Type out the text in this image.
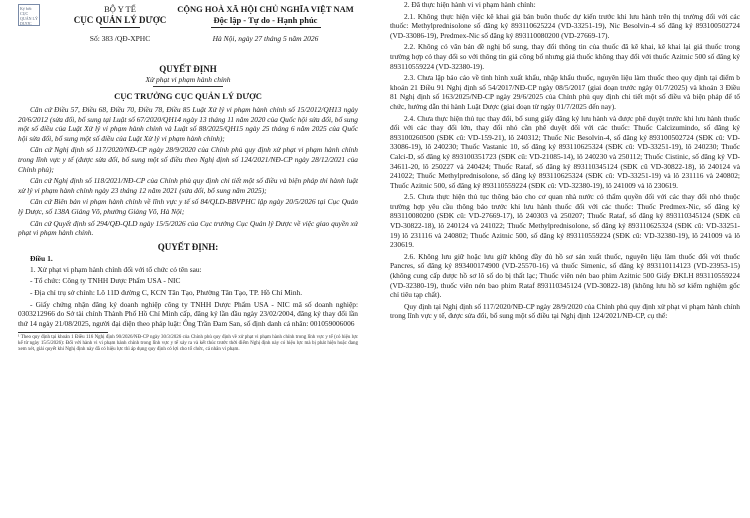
Ký bởi: CỤC QUẢN LÝ DƯỢC
BỘ Y TẾ
CỤC QUẢN LÝ DƯỢC
Số: 383 /QĐ-XPHC
CỘNG HOÀ XÃ HỘI CHỦ NGHĨA VIỆT NAM
Độc lập - Tự do - Hạnh phúc
Hà Nội, ngày 27 tháng 5 năm 2026
QUYẾT ĐỊNH
Xử phạt vi phạm hành chính
CỤC TRƯỞNG CỤC QUẢN LÝ DƯỢC

Căn cứ Điều 57, Điều 68, Điều 70, Điều 78, Điều 85 Luật Xử lý vi phạm hành chính số 15/2012/QH13 ngày 20/6/2012 (sửa đổi, bổ sung tại Luật số 67/2020/QH14 ngày 13 tháng 11 năm 2020 của Quốc hội sửa đổi, bổ sung một số điều của Luật Xử lý vi phạm hành chính và Luật số 88/2025/QH15 ngày 25 tháng 6 năm 2025 của Quốc hội sửa đổi, bổ sung một số điều của Luật Xử lý vi phạm hành chính);

Căn cứ Nghị định số 117/2020/NĐ-CP ngày 28/9/2020 của Chính phủ quy định xử phạt vi phạm hành chính trong lĩnh vực y tế (được sửa đổi, bổ sung một số điều theo Nghị định số 124/2021/NĐ-CP ngày 28/12/2021 của Chính phủ);

Căn cứ Nghị định số 118/2021/NĐ-CP của Chính phủ quy định chi tiết một số điều và biện pháp thi hành luật xử lý vi phạm hành chính ngày 23 tháng 12 năm 2021 (sửa đổi, bổ sung năm 2025);

Căn cứ Biên bản vi phạm hành chính về lĩnh vực y tế số 84/QLD-BBVPHC lập ngày 20/5/2026 tại Cục Quản lý Dược, số 138A Giảng Võ, phường Giảng Võ, Hà Nội;

Căn cứ Quyết định số 294/QĐ-QLD ngày 15/5/2026 của Cục trưởng Cục Quản lý Dược về việc giao quyền xử phạt vi phạm hành chính.

QUYẾT ĐỊNH:
Điều 1.

1. Xử phạt vi phạm hành chính đối với tổ chức có tên sau:

- Tổ chức: Công ty TNHH Dược Phẩm USA - NIC

- Địa chỉ trụ sở chính: Lô 11D đường C, KCN Tân Tạo, Phường Tân Tạo, TP. Hồ Chí Minh.

- Giấy chứng nhận đăng ký doanh nghiệp công ty TNHH Dược Phẩm USA - NIC mã số doanh nghiệp: 0303212966 do Sở tài chính Thành Phố Hồ Chí Minh cấp, đăng ký lần đầu ngày 23/02/2004, đăng ký thay đổi lần thứ 14 ngày 21/08/2025, người đại diện theo pháp luật: Ông Trần Đam San, số định danh cá nhân: 001059006006

¹ Theo quy định tại khoản 1 Điều 116 Nghị định 90/2026/NĐ-CP ngày 30/3/2026 của Chính phủ quy định về xử phạt vi phạm hành chính trong lĩnh vực y tế (có hiệu lực kể từ ngày 15/5/2026): Đối với hành vi vi phạm hành chính trong lĩnh vực y tế xảy ra và kết thúc trước thời điểm Nghị định này có hiệu lực mà bị phát hiện hoặc đang xem xét, giải quyết khi Nghị định này đã có hiệu lực thì áp dụng quy định có lợi cho tổ chức, cá nhân vi phạm.

2. Đã thực hiện hành vi vi phạm hành chính:

2.1. Không thực hiện việc kê khai giá bán buôn thuốc dự kiến trước khi lưu hành trên thị trường đối với các thuốc: Methylprednisolone số đăng ký 893110625224 (VD-33251-19), Nic Besolvin-4 số đăng ký 893100502724 (VD-33086-19), Predmex-Nic số đăng ký 893110080200 (VD-27669-17).

2.2. Không có văn bản đề nghị bổ sung, thay đổi thông tin của thuốc đã kê khai, kê khai lại giá thuốc trong trường hợp có thay đổi so với thông tin giá công bố nhưng giá thuốc không thay đổi với thuốc Azitnic 500 số đăng ký 893110559224 (VD-32380-19).

2.3. Chưa lập báo cáo về tình hình xuất khẩu, nhập khẩu thuốc, nguyên liệu làm thuốc theo quy định tại điểm b khoản 21 Điều 91 Nghị định số 54/2017/NĐ-CP ngày 08/5/2017 (giai đoạn trước ngày 01/7/2025) và khoản 3 Điều 81 Nghị định số 163/2025/NĐ-CP ngày 29/6/2025 của Chính phủ quy định chi tiết một số điều và biện pháp để tổ chức, hướng dẫn thi hành Luật Dược (giai đoạn từ ngày 01/7/2025 đến nay).

2.4. Chưa thực hiện thủ tục thay đổi, bổ sung giấy đăng ký lưu hành và được phê duyệt trước khi lưu hành thuốc đối với các thay đổi lớn, thay đổi nhỏ cần phê duyệt đối với các thuốc: Thuốc Calcizumindo, số đăng ký 893100260500 (SĐK cũ: VD-159-21), lô 240312; Thuốc Nic Besolvin-4, số đăng ký 893100502724 (SĐK cũ: VD-33086-19), lô 240230; Thuốc Vastanic 10, số đăng ký 893110625324 (SĐK cũ: VD-33251-19), lô 240230; Thuốc Calci-D, số đăng ký 893100351723 (SĐK cũ: VD-21085-14), lô 240230 và 250112; Thuốc Cistinic, số đăng ký VD-34611-20, lô 250227 và 240424; Thuốc Rataf, số đăng ký 893110345124 (SĐK cũ VD-30822-18), lô 240124 và 241022; Thuốc Methylprednisolone, số đăng ký 893110625324 (SĐK cũ: VD-33251-19) và lô 231116 và 240802; Thuốc Azitnic 500, số đăng ký 893110559224 (SĐK cũ: VD-32380-19), lô 241009 và lô 230619.

2.5. Chưa thực hiện thủ tục thông báo cho cơ quan nhà nước có thẩm quyền đối với các thay đổi nhỏ thuộc trường hợp yêu cầu thông báo trước khi lưu hành thuốc đối với các thuốc: Thuốc Predmex-Nic, số đăng ký 893110080200 (SĐK cũ: VD-27669-17), lô 240303 và 250207; Thuốc Rataf, số đăng ký 893110345124 (SĐK cũ VD-30822-18), lô 240124 và 241022; Thuốc Methylprednisolone, số đăng ký 893110625324 (SĐK cũ: VD-33251-19) lô 231116 và 240802; Thuốc Azitnic 500, số đăng ký 893110559224 (SĐK cũ: VD-32380-19), lô 241009 và lô 230619.

2.6. Không lưu giữ hoặc lưu giữ không đầy đủ hồ sơ sản xuất thuốc, nguyên liệu làm thuốc đối với thuốc Pancres, số đăng ký 893400174900 (VD-25570-16) và thuốc Simenic, số đăng ký 893110114123 (VD-23953-15) (không cung cấp được hồ sơ lô số do bị thất lạc; Thuốc viên nén bao phim Azitnic 500 Giấy ĐKLH 893110559224 (VD-32380-19), thuốc viên nén bao phim Rataf 893110345124 (VD-30822-18) (không lưu hồ sơ kiểm nghiệm gốc chỉ tiêu tạp chất).

Quy định tại Nghị định số 117/2020/NĐ-CP ngày 28/9/2020 của Chính phủ quy định xử phạt vi phạm hành chính trong lĩnh vực y tế, được sửa đổi, bổ sung một số điều tại Nghị định 124/2021/NĐ-CP, cụ thể:
